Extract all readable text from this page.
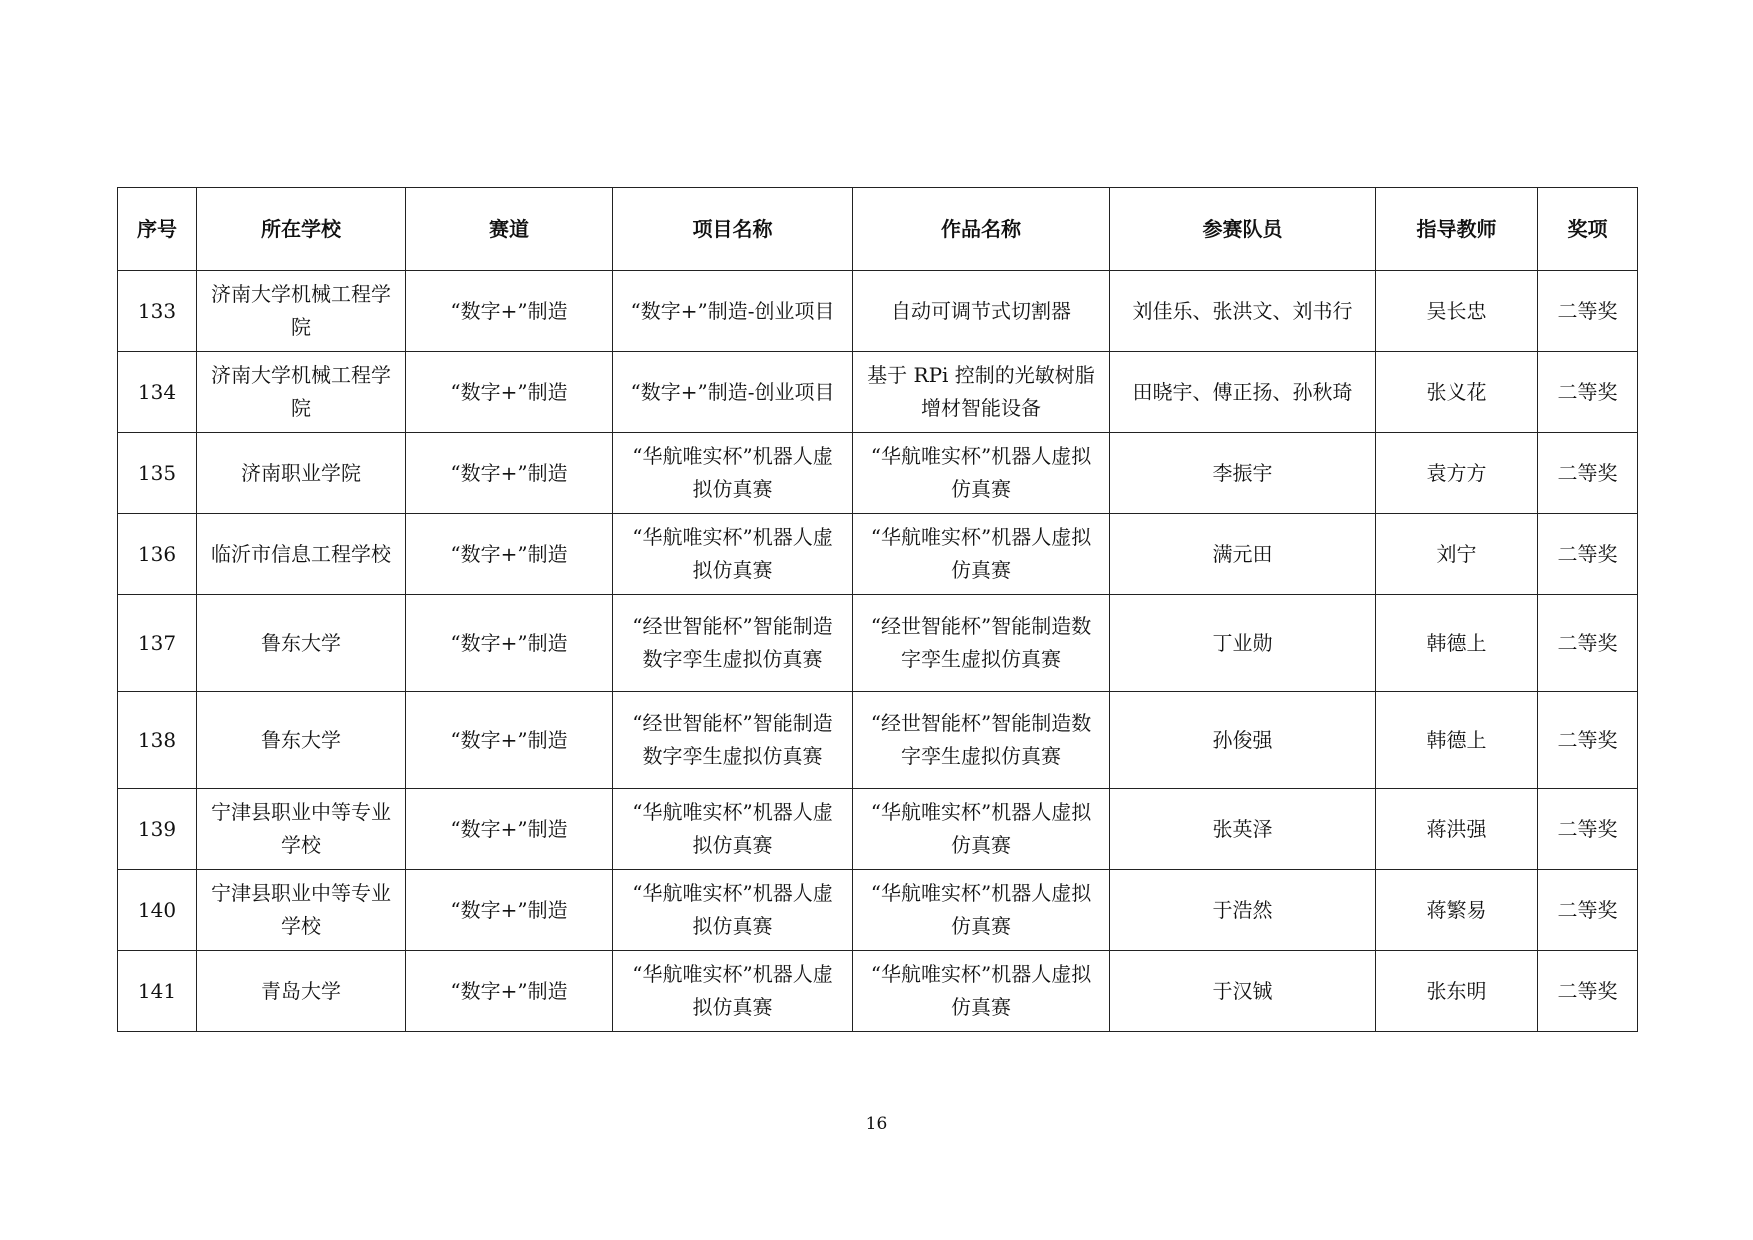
序号	所在学校	赛道	项目名称	作品名称	参赛队员	指导教师	奖项
133	济南大学机械工程学院	“数字+”制造	“数字+”制造-创业项目	自动可调节式切割器	刘佳乐、张洪文、刘书行	吴长忠	二等奖
134	济南大学机械工程学院	“数字+”制造	“数字+”制造-创业项目	基于 RPi 控制的光敏树脂增材智能设备	田晓宇、傅正扬、孙秋琦	张义花	二等奖
135	济南职业学院	“数字+”制造	“华航唯实杯”机器人虚拟仿真赛	“华航唯实杯”机器人虚拟仿真赛	李振宇	袁方方	二等奖
136	临沂市信息工程学校	“数字+”制造	“华航唯实杯”机器人虚拟仿真赛	“华航唯实杯”机器人虚拟仿真赛	满元田	刘宁	二等奖
137	鲁东大学	“数字+”制造	“经世智能杯”智能制造数字孪生虚拟仿真赛	“经世智能杯”智能制造数字孪生虚拟仿真赛	丁业勋	韩德上	二等奖
138	鲁东大学	“数字+”制造	“经世智能杯”智能制造数字孪生虚拟仿真赛	“经世智能杯”智能制造数字孪生虚拟仿真赛	孙俊强	韩德上	二等奖
139	宁津县职业中等专业学校	“数字+”制造	“华航唯实杯”机器人虚拟仿真赛	“华航唯实杯”机器人虚拟仿真赛	张英泽	蒋洪强	二等奖
140	宁津县职业中等专业学校	“数字+”制造	“华航唯实杯”机器人虚拟仿真赛	“华航唯实杯”机器人虚拟仿真赛	于浩然	蒋繁易	二等奖
141	青岛大学	“数字+”制造	“华航唯实杯”机器人虚拟仿真赛	“华航唯实杯”机器人虚拟仿真赛	于汉铖	张东明	二等奖
16
